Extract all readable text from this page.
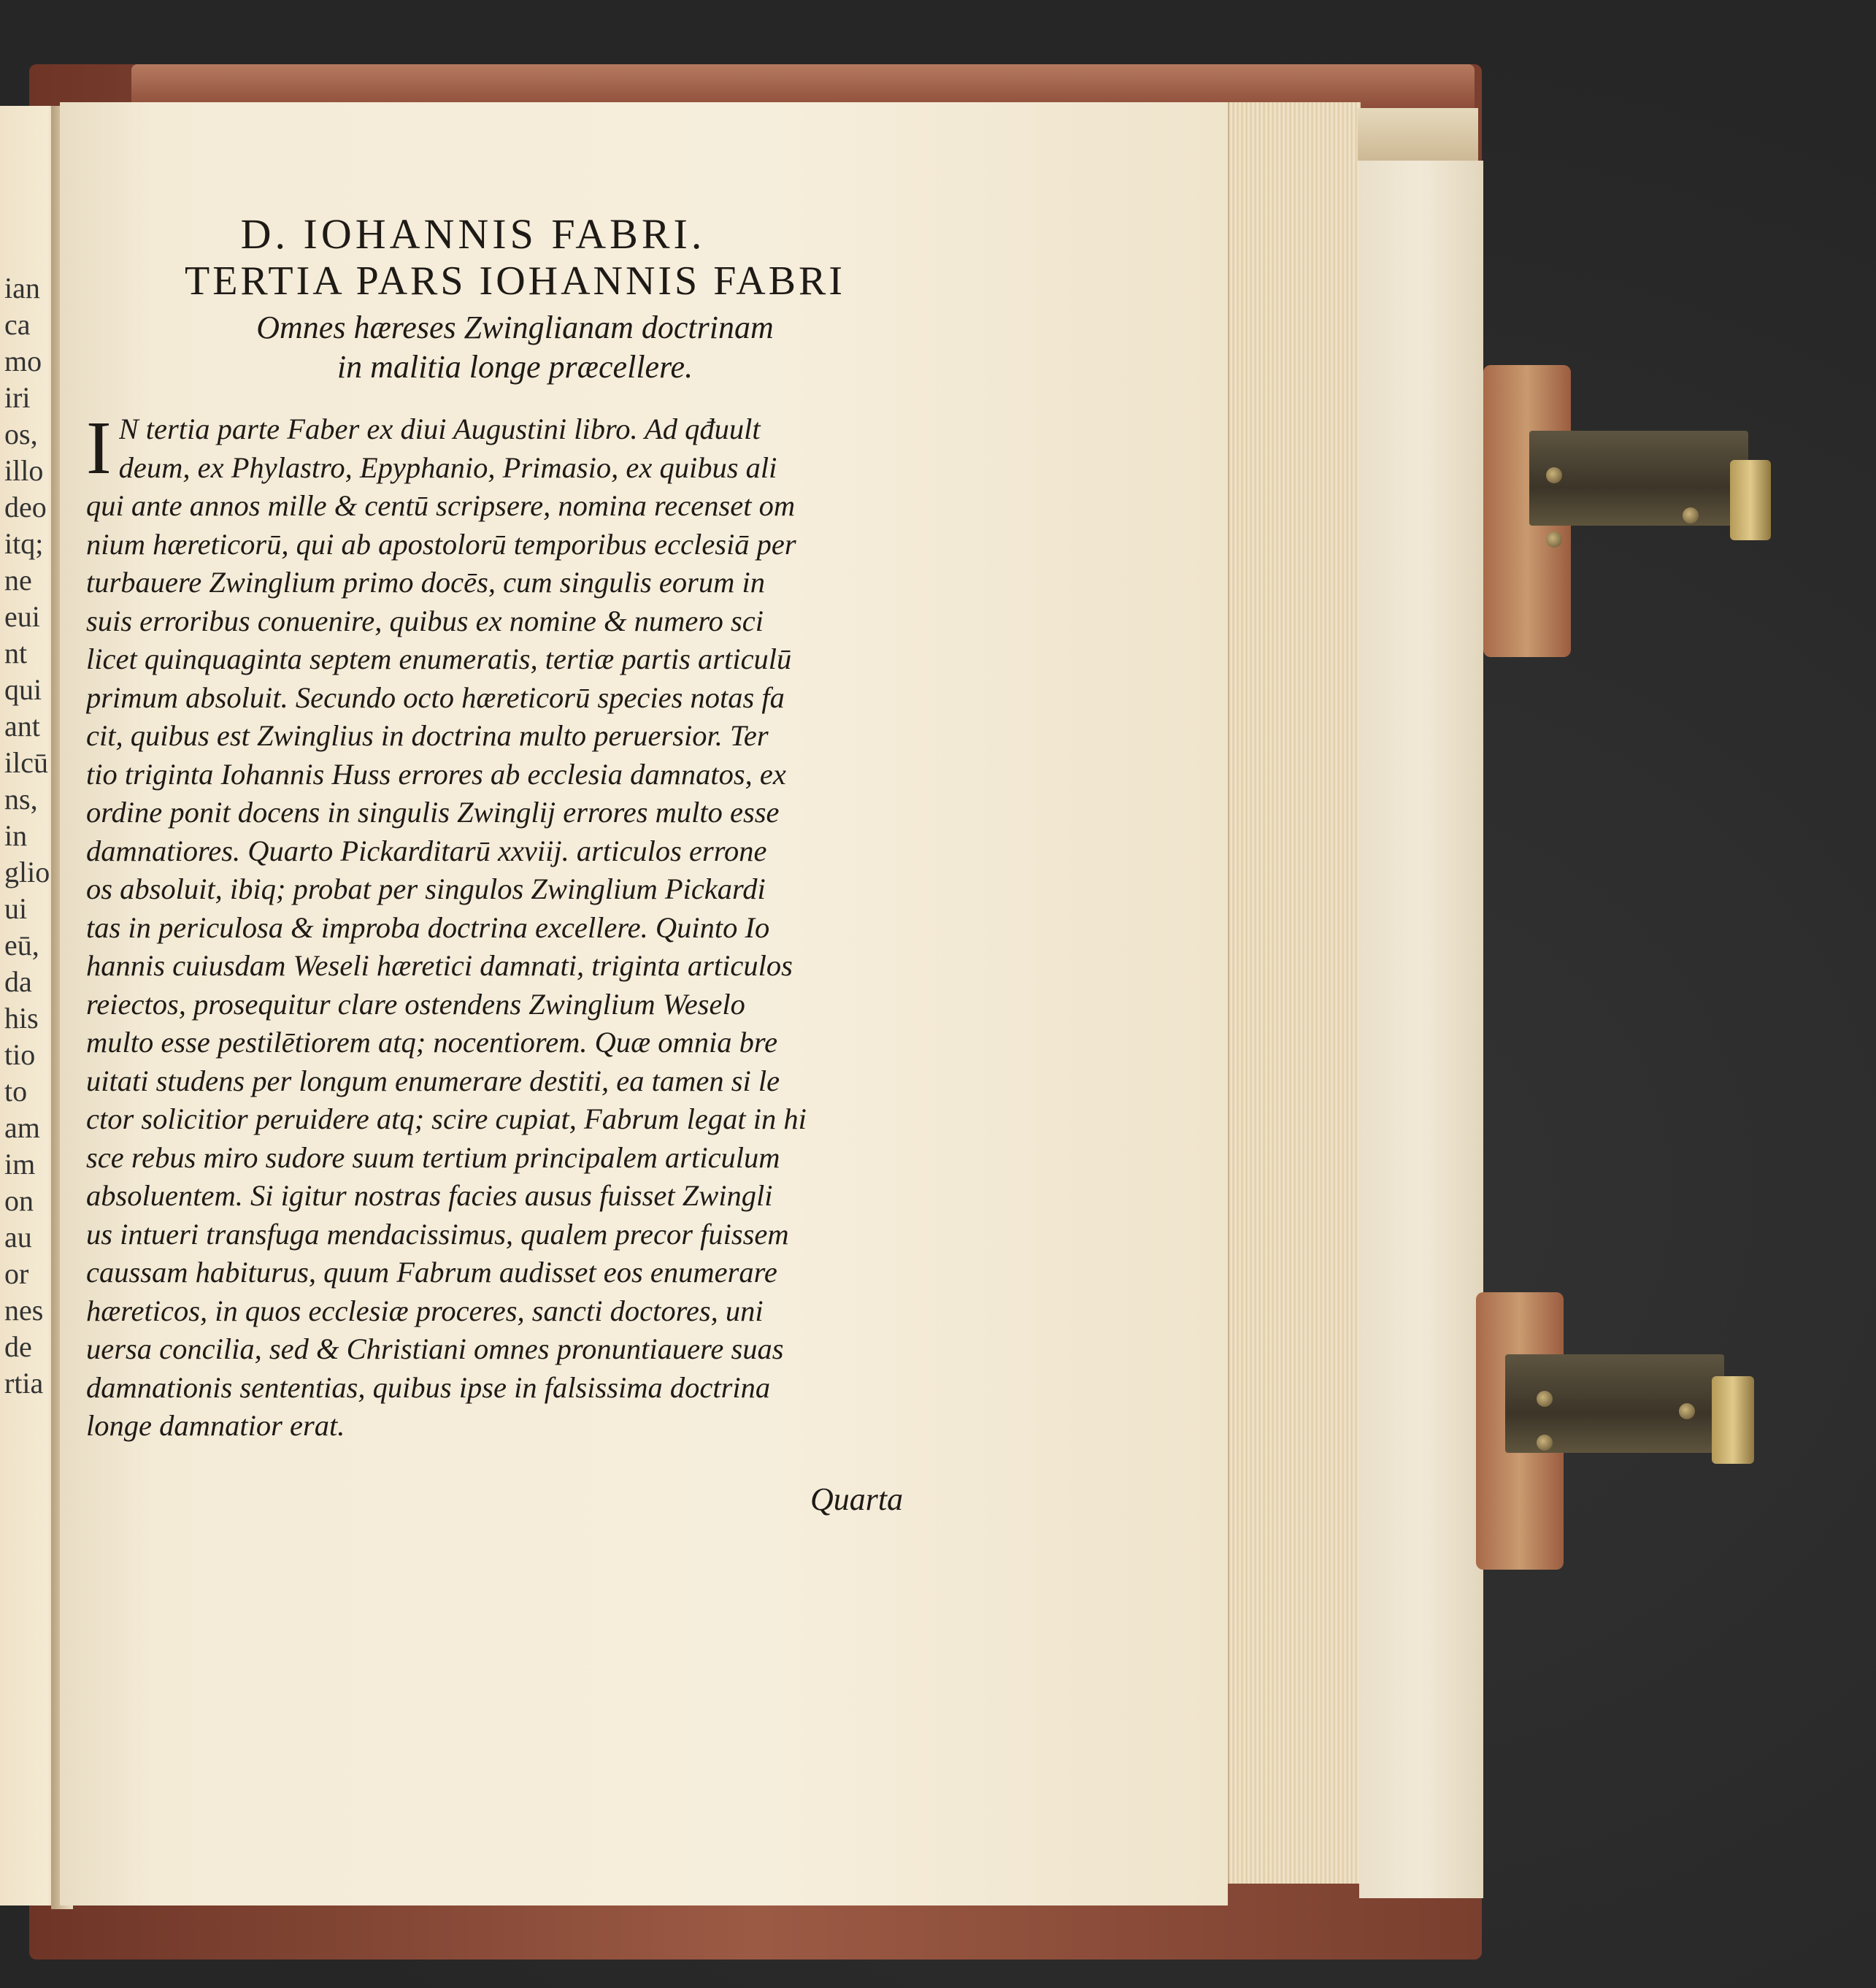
ian
ca
mo
iri
os,
illo
deo
itq;
ne
eui
nt
qui
ant
ilcū
ns,
in
glio
ui
eū,
da
his
tio
to
am
im
on
au
or
nes
de
rtia
D. IOHANNIS FABRI.
TERTIA PARS IOHANNIS FABRI
Omnes hæreses Zwinglianam doctrinam
in malitia longe præcellere.
I N tertia parte Faber ex diui Augustini libro. Ad qđuult
deum, ex Phylastro, Epyphanio, Primasio, ex quibus ali
qui ante annos mille & centū scripsere, nomina recenset om
nium hæreticorū, qui ab apostolorū temporibus ecclesiā per
turbauere Zwinglium primo docēs, cum singulis eorum in
suis erroribus conuenire, quibus ex nomine & numero sci
licet quinquaginta septem enumeratis, tertiæ partis articulū
primum absoluit. Secundo octo hæreticorū species notas fa
cit, quibus est Zwinglius in doctrina multo peruersior. Ter
tio triginta Iohannis Huss errores ab ecclesia damnatos, ex
ordine ponit docens in singulis Zwinglij errores multo esse
damnatiores. Quarto Pickarditarū xxviij. articulos errone
os absoluit, ibiq; probat per singulos Zwinglium Pickardi
tas in periculosa & improba doctrina excellere. Quinto Io
hannis cuiusdam Weseli hæretici damnati, triginta articulos
reiectos, prosequitur clare ostendens Zwinglium Weselo
multo esse pestilētiorem atq; nocentiorem. Quæ omnia bre
uitati studens per longum enumerare destiti, ea tamen si le
ctor solicitior peruidere atq; scire cupiat, Fabrum legat in hi
sce rebus miro sudore suum tertium principalem articulum
absoluentem. Si igitur nostras facies ausus fuisset Zwingli
us intueri transfuga mendacissimus, qualem precor fuissem
caussam habiturus, quum Fabrum audisset eos enumerare
hæreticos, in quos ecclesiæ proceres, sancti doctores, uni
uersa concilia, sed & Christiani omnes pronuntiauere suas
damnationis sententias, quibus ipse in falsissima doctrina
longe damnatior erat.
Quarta
